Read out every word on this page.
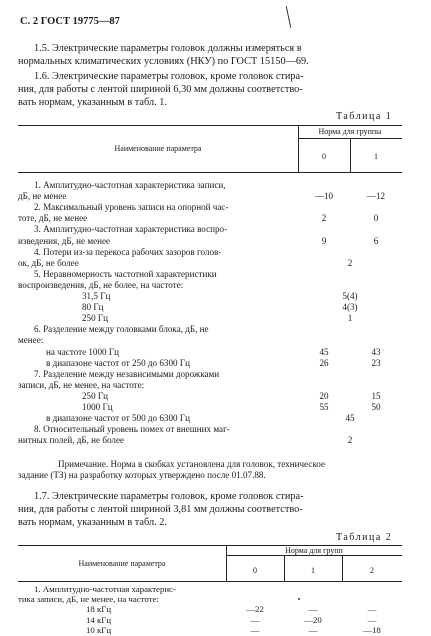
С. 2 ГОСТ 19775—87
1.5. Электрические параметры головок должны измеряться в
нормальных климатических условиях (НКУ) по ГОСТ 15150—69.
1.6. Электрические параметры головок, кроме головок стира-
ния, для работы с лентой шириной 6,30 мм должны соответство-
вать нормам, указанным в табл. 1.
Таблица 1
Наименование параметра
Норма для группы
0	1
1. Амплитудно-частотная характеристика записи,
дБ, не менее	—10	—12
2. Максимальный уровень записи на опорной час-
тоте, дБ, не менее	2	0
3. Амплитудно-частотная характеристика воспро-
изведения, дБ, не менее	9	6
4. Потери из-за перекоса рабочих зазоров голов-
ок, дБ, не более	2
5. Неравномерность частотной характеристики
воспроизведения, дБ, не более, на частоте:
31,5 Гц	5(4)
80 Гц	4(3)
250 Гц	1
6. Разделение между головками блока, дБ, не
менее:
на частоте 1000 Гц	45	43
в диапазоне частот от 250 до 6300 Гц	26	23
7. Разделение между независимыми дорожками
записи, дБ, не менее, на частоте:
250 Гц	20	15
1000 Гц	55	50
в диапазоне частот от 500 до 6300 Гц	45
8. Относительный уровень помех от внешних маг-
нитных полей, дБ, не более	2
Примечание. Норма в скобках установлена для головок, техническое
задание (ТЗ) на разработку которых утверждено после 01.07.88.
1.7. Электрические параметры головок, кроме головок стира-
ния, для работы с лентой шириной 3,81 мм должны соответство-
вать нормам, указанным в табл. 2.
Таблица 2
Наименование параметра
Норма для групп
0	1	2
1. Амплитудно-частотная характерис-
тика записи, дБ, не менее, на частоте:
18 кГц	—22	—	—
14 кГц	—	—20	—
10 кГц	—	—	—18
